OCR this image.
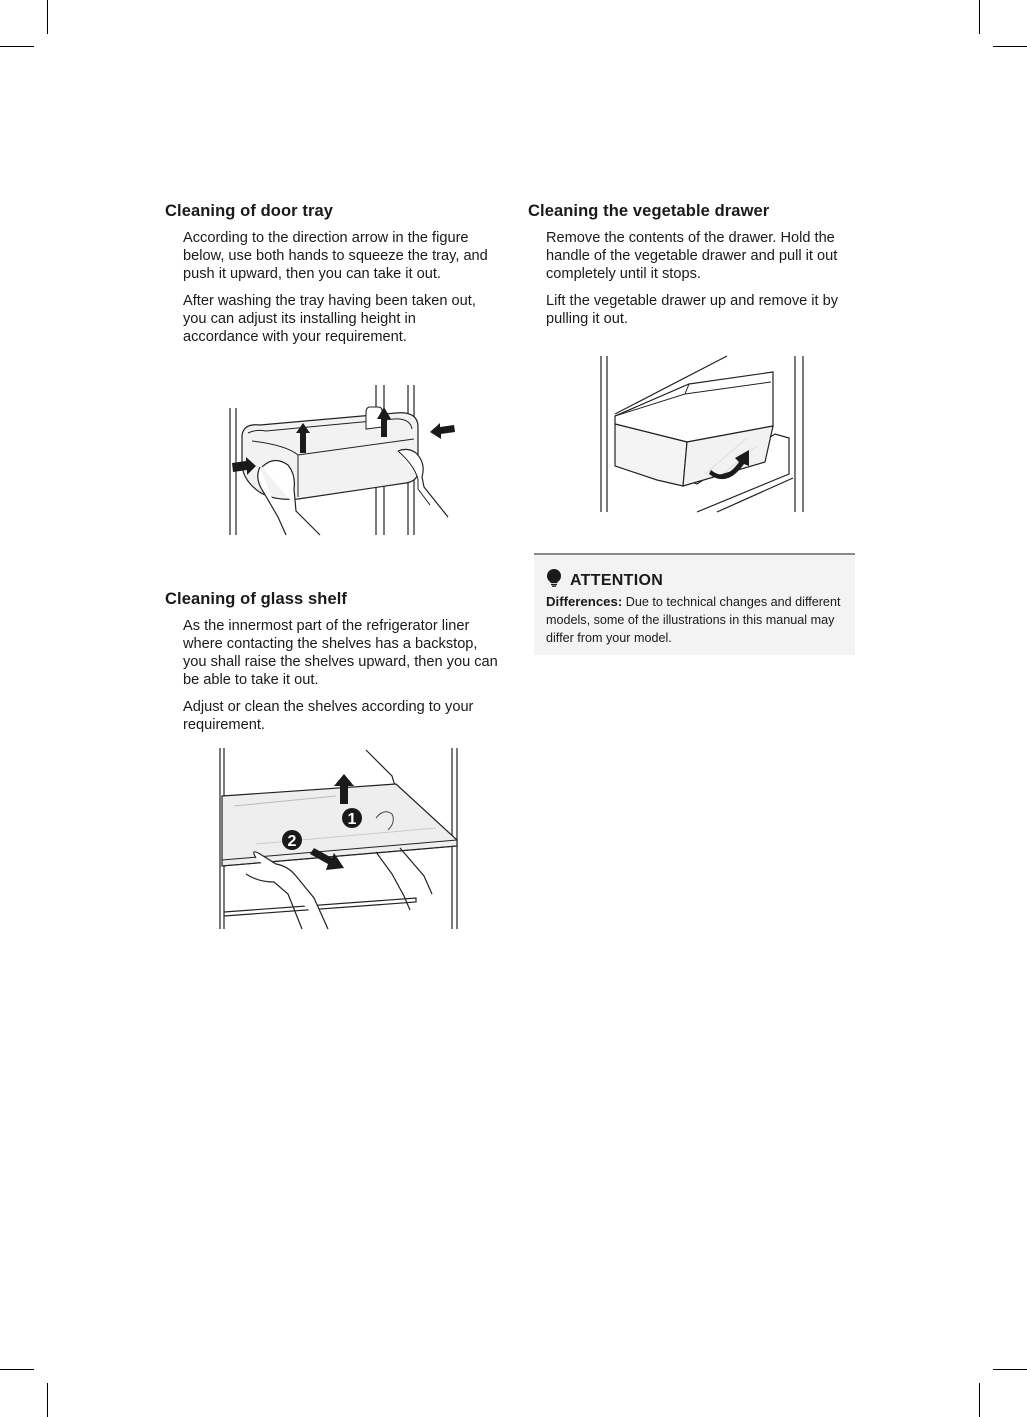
Cleaning of door tray

According to the direction arrow in the figure below, use both hands to squeeze the tray, and push it upward, then you can take it out.

After washing the tray having been taken out, you can adjust its installing height in accordance with your requirement.

Cleaning of glass shelf

As the innermost part of the refrigerator liner where contacting the shelves has a backstop, you shall raise the shelves upward, then you can be able to take it out.

Adjust or clean the shelves according to your requirement.

1
2
Cleaning the vegetable drawer

Remove the contents of the drawer. Hold the handle of the vegetable drawer and pull it out completely until it stops.

Lift the vegetable drawer up and remove it by pulling it out.

ATTENTION
Differences: Due to technical changes and different models, some of the illustrations in this manual may differ from your model.
